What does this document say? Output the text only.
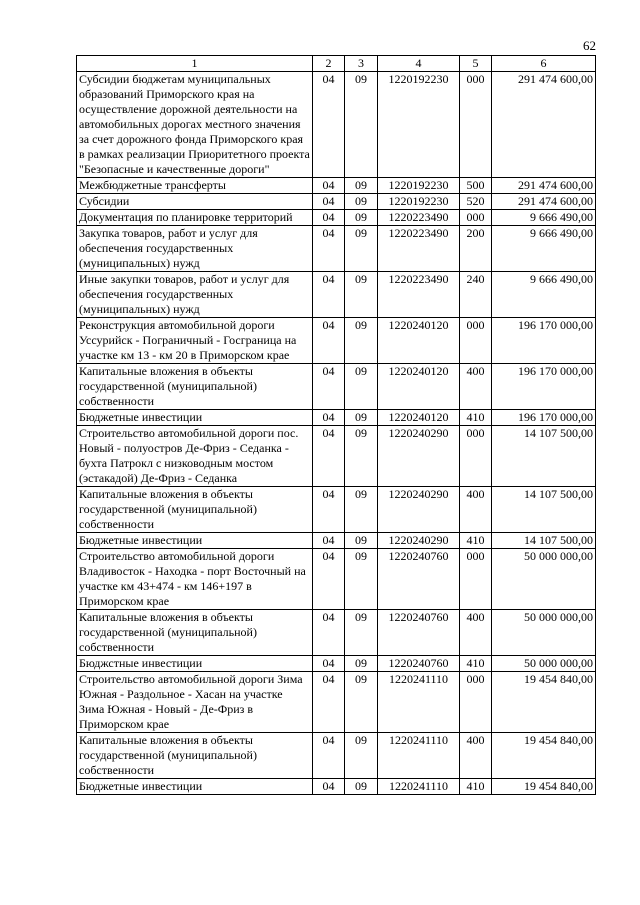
62
1	2	3	4	5	6
Субсидии бюджетам муниципальных образований Приморского края на осуществление дорожной деятельности на автомобильных дорогах местного значения за счет дорожного фонда Приморского края в рамках реализации Приоритетного проекта "Безопасные и качественные дороги"	04	09	1220192230	000	291 474 600,00
Межбюджетные трансферты	04	09	1220192230	500	291 474 600,00
Субсидии	04	09	1220192230	520	291 474 600,00
Документация по планировке территорий	04	09	1220223490	000	9 666 490,00
Закупка товаров, работ и услуг для обеспечения государственных (муниципальных) нужд	04	09	1220223490	200	9 666 490,00
Иные закупки товаров, работ и услуг для обеспечения государственных (муниципальных) нужд	04	09	1220223490	240	9 666 490,00
Реконструкция автомобильной дороги Уссурийск - Пограничный - Госграница на участке км 13 - км 20 в Приморском крае	04	09	1220240120	000	196 170 000,00
Капитальные вложения в объекты государственной (муниципальной) собственности	04	09	1220240120	400	196 170 000,00
Бюджетные инвестиции	04	09	1220240120	410	196 170 000,00
Строительство автомобильной дороги пос. Новый - полуостров Де-Фриз - Седанка - бухта Патрокл с низководным мостом (эстакадой) Де-Фриз - Седанка	04	09	1220240290	000	14 107 500,00
Капитальные вложения в объекты государственной (муниципальной) собственности	04	09	1220240290	400	14 107 500,00
Бюджетные инвестиции	04	09	1220240290	410	14 107 500,00
Строительство автомобильной дороги Владивосток - Находка - порт Восточный на участке км 43+474 - км 146+197 в Приморском крае	04	09	1220240760	000	50 000 000,00
Капитальные вложения в объекты государственной (муниципальной) собственности	04	09	1220240760	400	50 000 000,00
Бюджстные инвестиции	04	09	1220240760	410	50 000 000,00
Строительство автомобильной дороги Зима Южная - Раздольное - Хасан на участке Зима Южная - Новый - Де-Фриз в Приморском крае	04	09	1220241110	000	19 454 840,00
Капитальные вложения в объекты государственной (муниципальной) собственности	04	09	1220241110	400	19 454 840,00
Бюджетные инвестиции	04	09	1220241110	410	19 454 840,00
